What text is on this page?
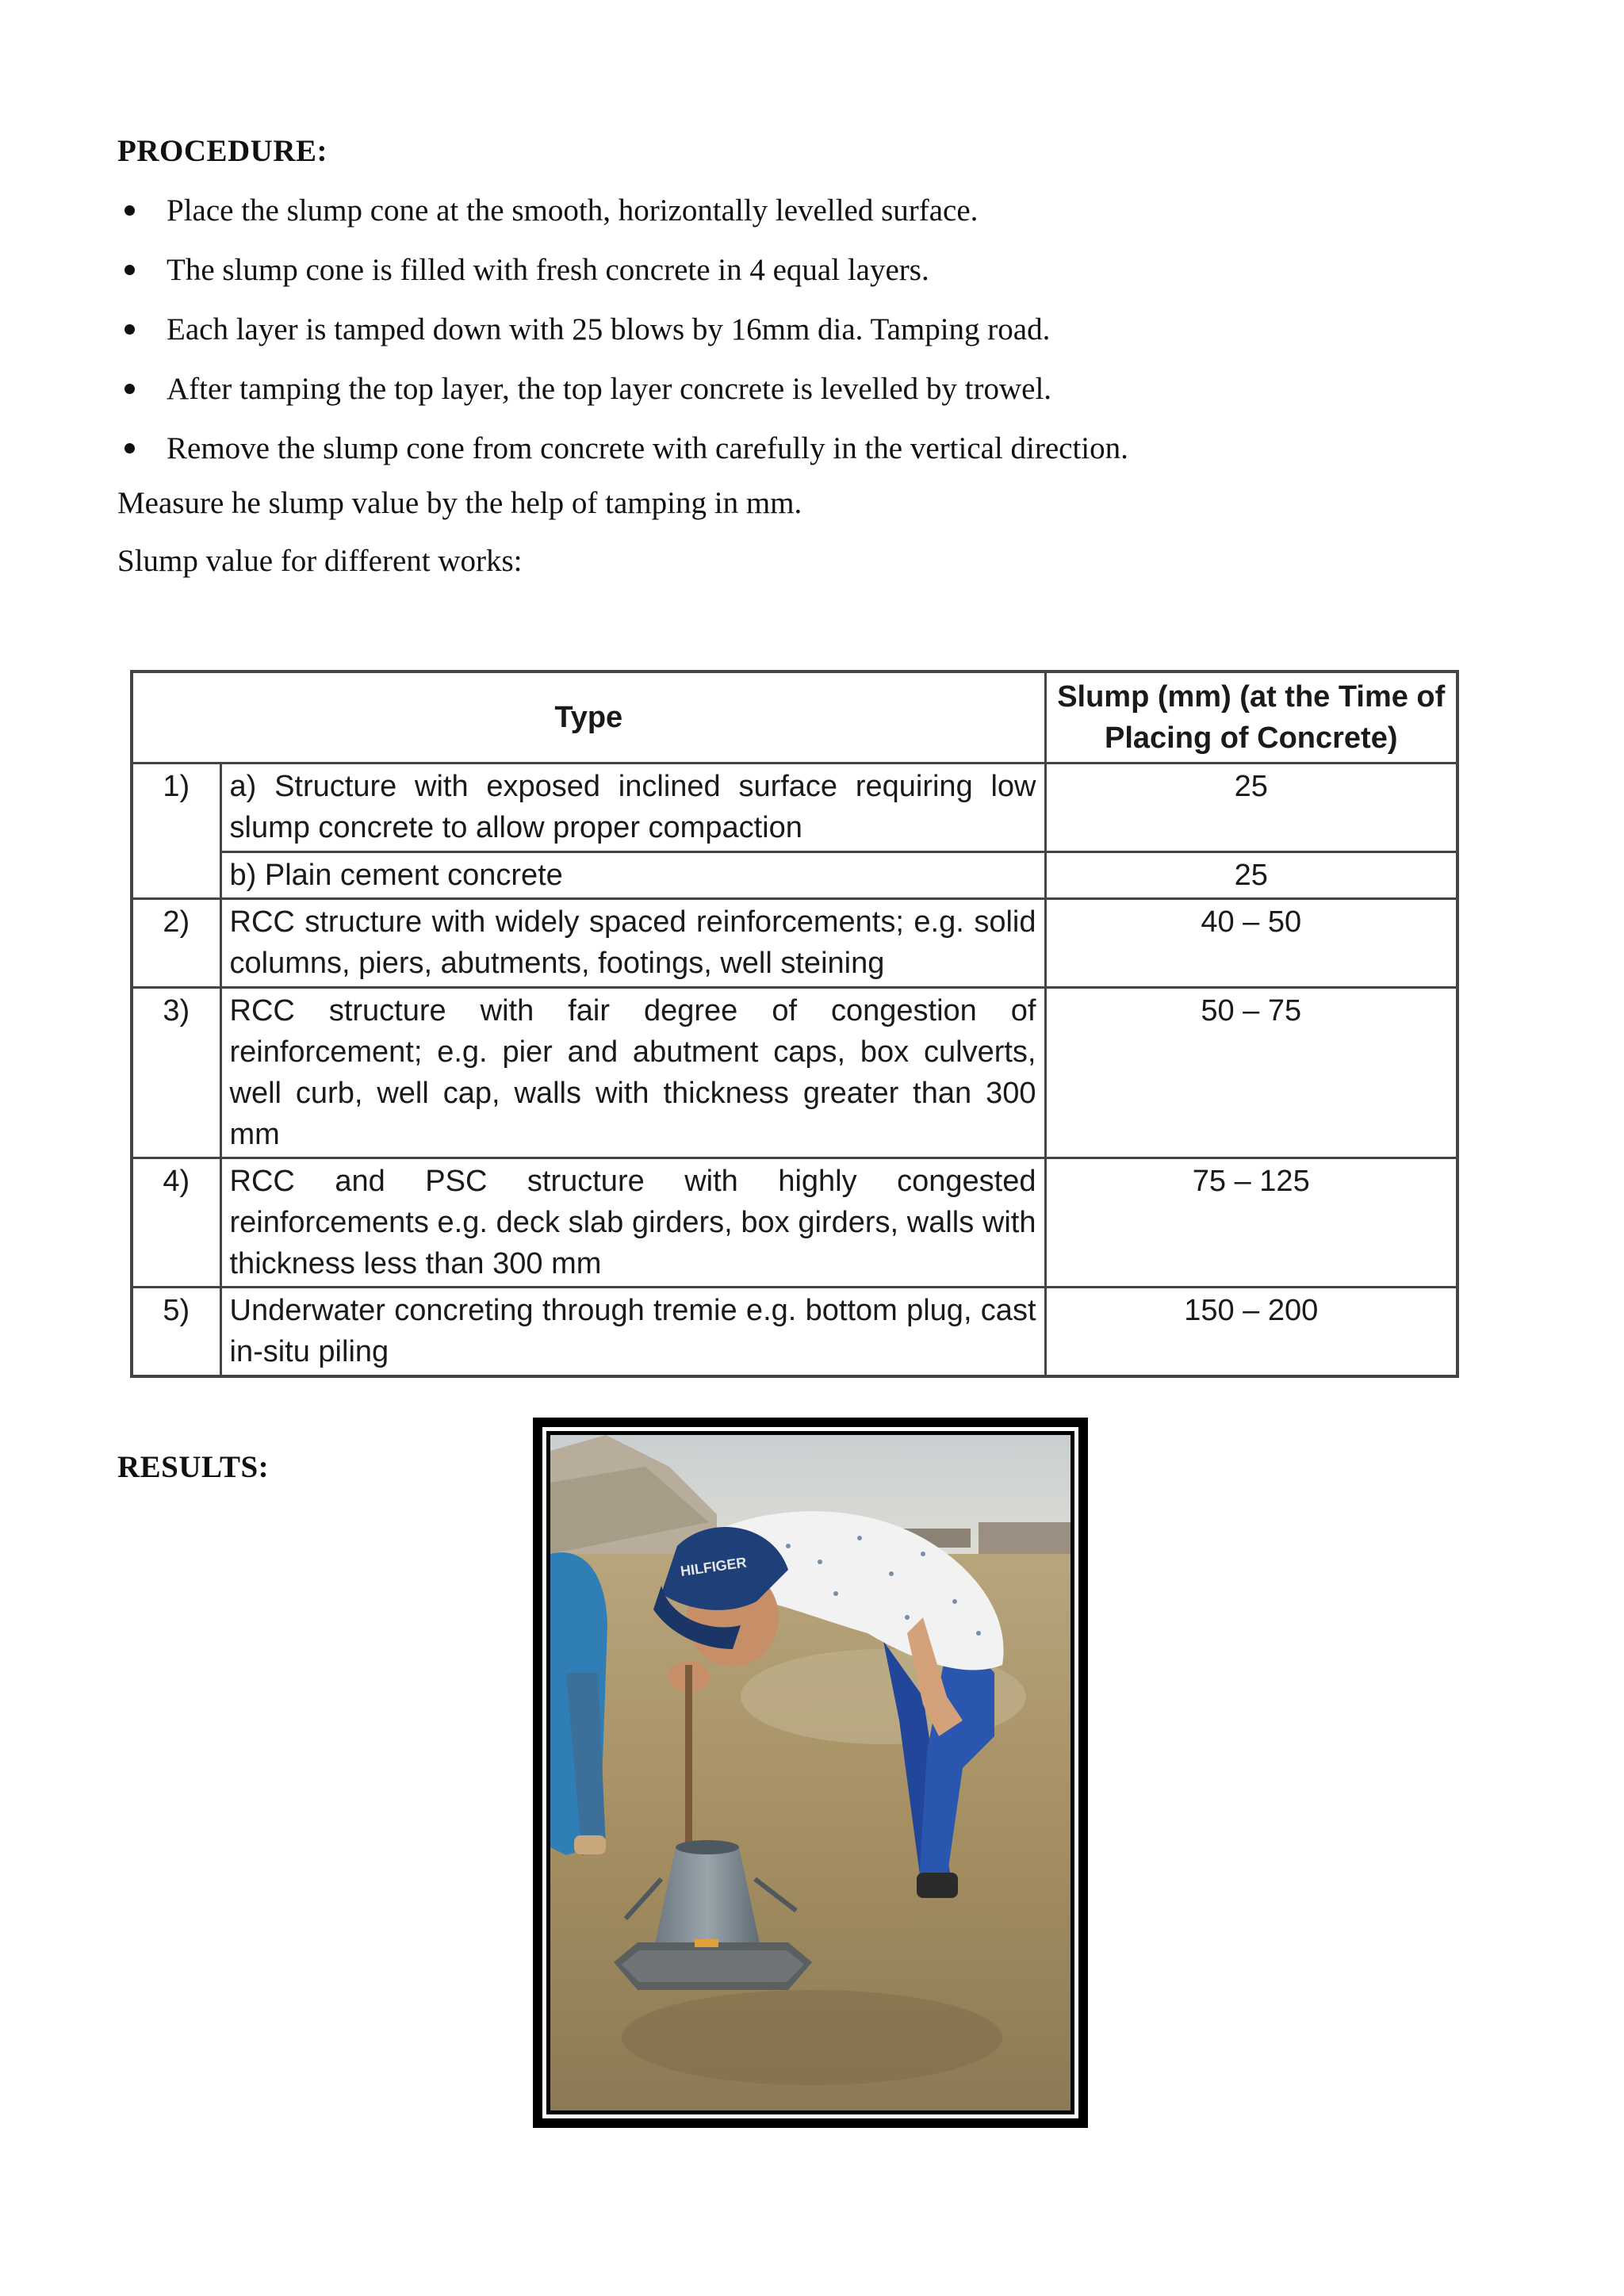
PROCEDURE:
Place the slump cone at the smooth, horizontally levelled surface.
The slump cone is filled with fresh concrete in 4 equal layers.
Each layer is tamped down with 25 blows by 16mm dia. Tamping road.
After tamping the top layer, the top layer concrete is levelled by trowel.
Remove the slump cone from concrete with carefully in the vertical direction.
Measure he slump value by the help of tamping in mm.
Slump value for different works:
Type		Slump (mm) (at the Time of Placing of Concrete)
1)	a) Structure with exposed inclined surface requiring low slump concrete to allow proper compaction	25
	b) Plain cement concrete	25
2)	RCC structure with widely spaced reinforcements; e.g. solid columns, piers, abutments, footings, well steining	40 – 50
3)	RCC structure with fair degree of congestion of reinforcement; e.g. pier and abutment caps, box culverts, well curb, well cap, walls with thickness greater than 300 mm	50 – 75
4)	RCC and PSC structure with highly congested reinforcements e.g. deck slab girders, box girders, walls with thickness less than 300 mm	75 – 125
5)	Underwater concreting through tremie e.g. bottom plug, cast in-situ piling	150 – 200
RESULTS:
HILFIGER
